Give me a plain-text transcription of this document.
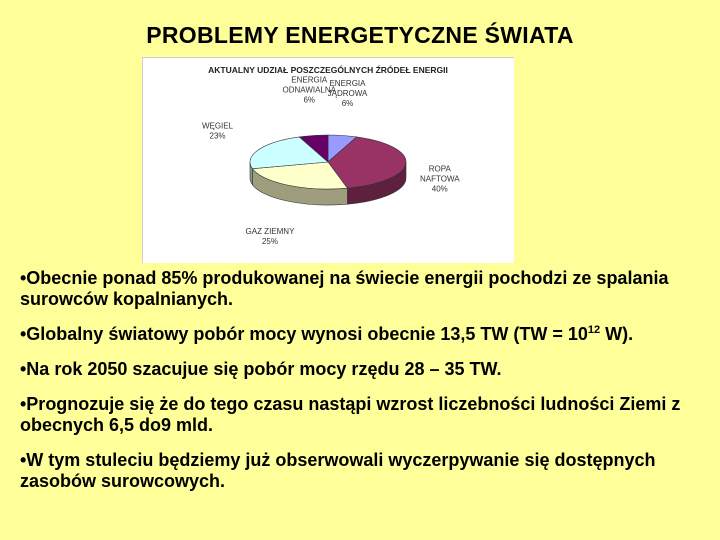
PROBLEMY ENERGETYCZNE ŚWIATA
AKTUALNY UDZIAŁ POSZCZEGÓLNYCH ŹRÓDEŁ ENERGII
ENERGIA
JĄDROWA
6%
ROPA
NAFTOWA
40%
GAZ ZIEMNY
25%
WĘGIEL
23%
ENERGIA
ODNAWIALNA
6%
•Obecnie ponad 85% produkowanej na świecie energii pochodzi ze spalania surowców kopalnianych.
•Globalny światowy pobór mocy wynosi obecnie 13,5 TW ($TW = 10^{12}$ W).
•Na rok 2050 szacujue się pobór mocy rzędu 28 – 35 TW.
•Prognozuje się że do tego czasu nastąpi wzrost liczebności ludności Ziemi z obecnych 6,5 do9 mld.
•W tym stuleciu będziemy już obserwowali wyczerpywanie się dostępnych zasobów surowcowych.
